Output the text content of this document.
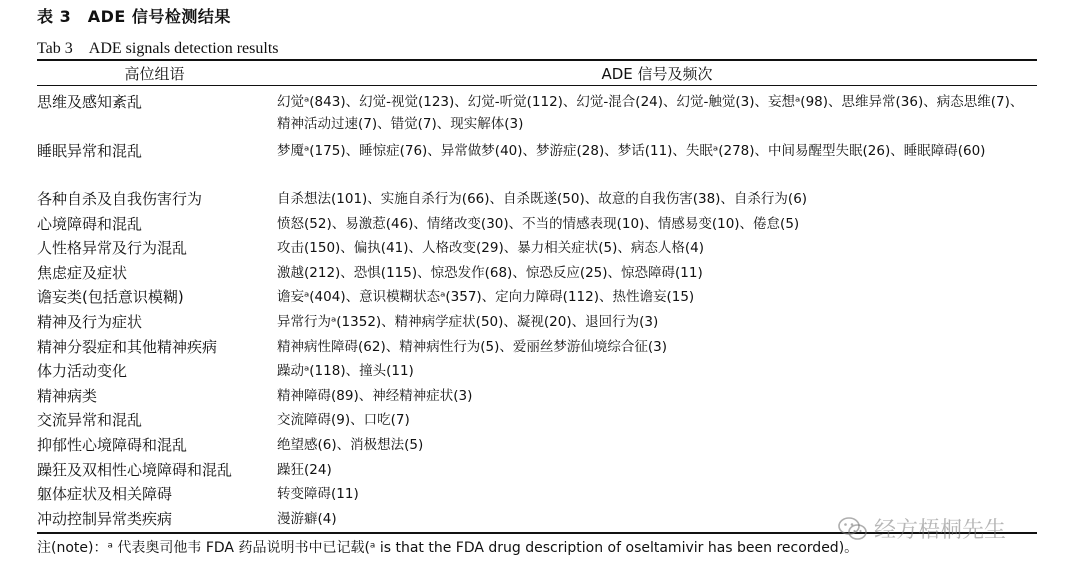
表 3　ADE 信号检测结果
Tab 3　ADE signals detection results
高位组语	ADE 信号及频次
思维及感知紊乱	幻觉ᵃ(843)、幻觉-视觉(123)、幻觉-听觉(112)、幻觉-混合(24)、幻觉-触觉(3)、妄想ᵃ(98)、思维异常(36)、病态思维(7)、精神活动过速(7)、错觉(7)、现实解体(3)
睡眠异常和混乱	梦魇ᵃ(175)、睡惊症(76)、异常做梦(40)、梦游症(28)、梦话(11)、失眠ᵃ(278)、中间易醒型失眠(26)、睡眠障碍(60)
各种自杀及自我伤害行为	自杀想法(101)、实施自杀行为(66)、自杀既遂(50)、故意的自我伤害(38)、自杀行为(6)
心境障碍和混乱	愤怒(52)、易激惹(46)、情绪改变(30)、不当的情感表现(10)、情感易变(10)、倦怠(5)
人性格异常及行为混乱	攻击(150)、偏执(41)、人格改变(29)、暴力相关症状(5)、病态人格(4)
焦虑症及症状	激越(212)、恐惧(115)、惊恐发作(68)、惊恐反应(25)、惊恐障碍(11)
谵妄类(包括意识模糊)	谵妄ᵃ(404)、意识模糊状态ᵃ(357)、定向力障碍(112)、热性谵妄(15)
精神及行为症状	异常行为ᵃ(1352)、精神病学症状(50)、凝视(20)、退回行为(3)
精神分裂症和其他精神疾病	精神病性障碍(62)、精神病性行为(5)、爱丽丝梦游仙境综合征(3)
体力活动变化	躁动ᵃ(118)、撞头(11)
精神病类	精神障碍(89)、神经精神症状(3)
交流异常和混乱	交流障碍(9)、口吃(7)
抑郁性心境障碍和混乱	绝望感(6)、消极想法(5)
躁狂及双相性心境障碍和混乱	躁狂(24)
躯体症状及相关障碍	转变障碍(11)
冲动控制异常类疾病	漫游癖(4)	经方梧桐先生
注(note)：ᵃ 代表奥司他韦 FDA 药品说明书中已记载(ᵃ is that the FDA drug description of oseltamivir has been recorded)。
